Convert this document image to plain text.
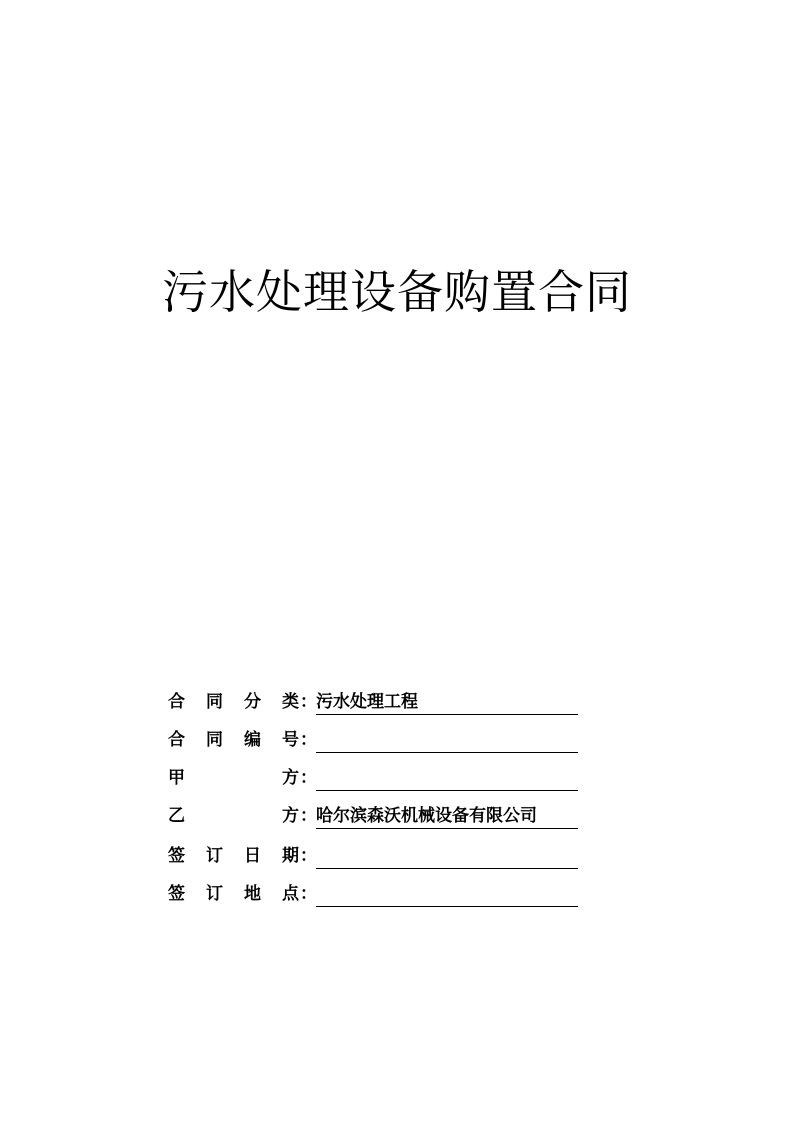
污水处理设备购置合同
合 同 分 类 ： 污水处理工程
合 同 编 号 ：
甲	方 ：
乙	方 ： 哈尔滨森沃机械设备有限公司
签 订 日 期 ：
签 订 地 点 ：
